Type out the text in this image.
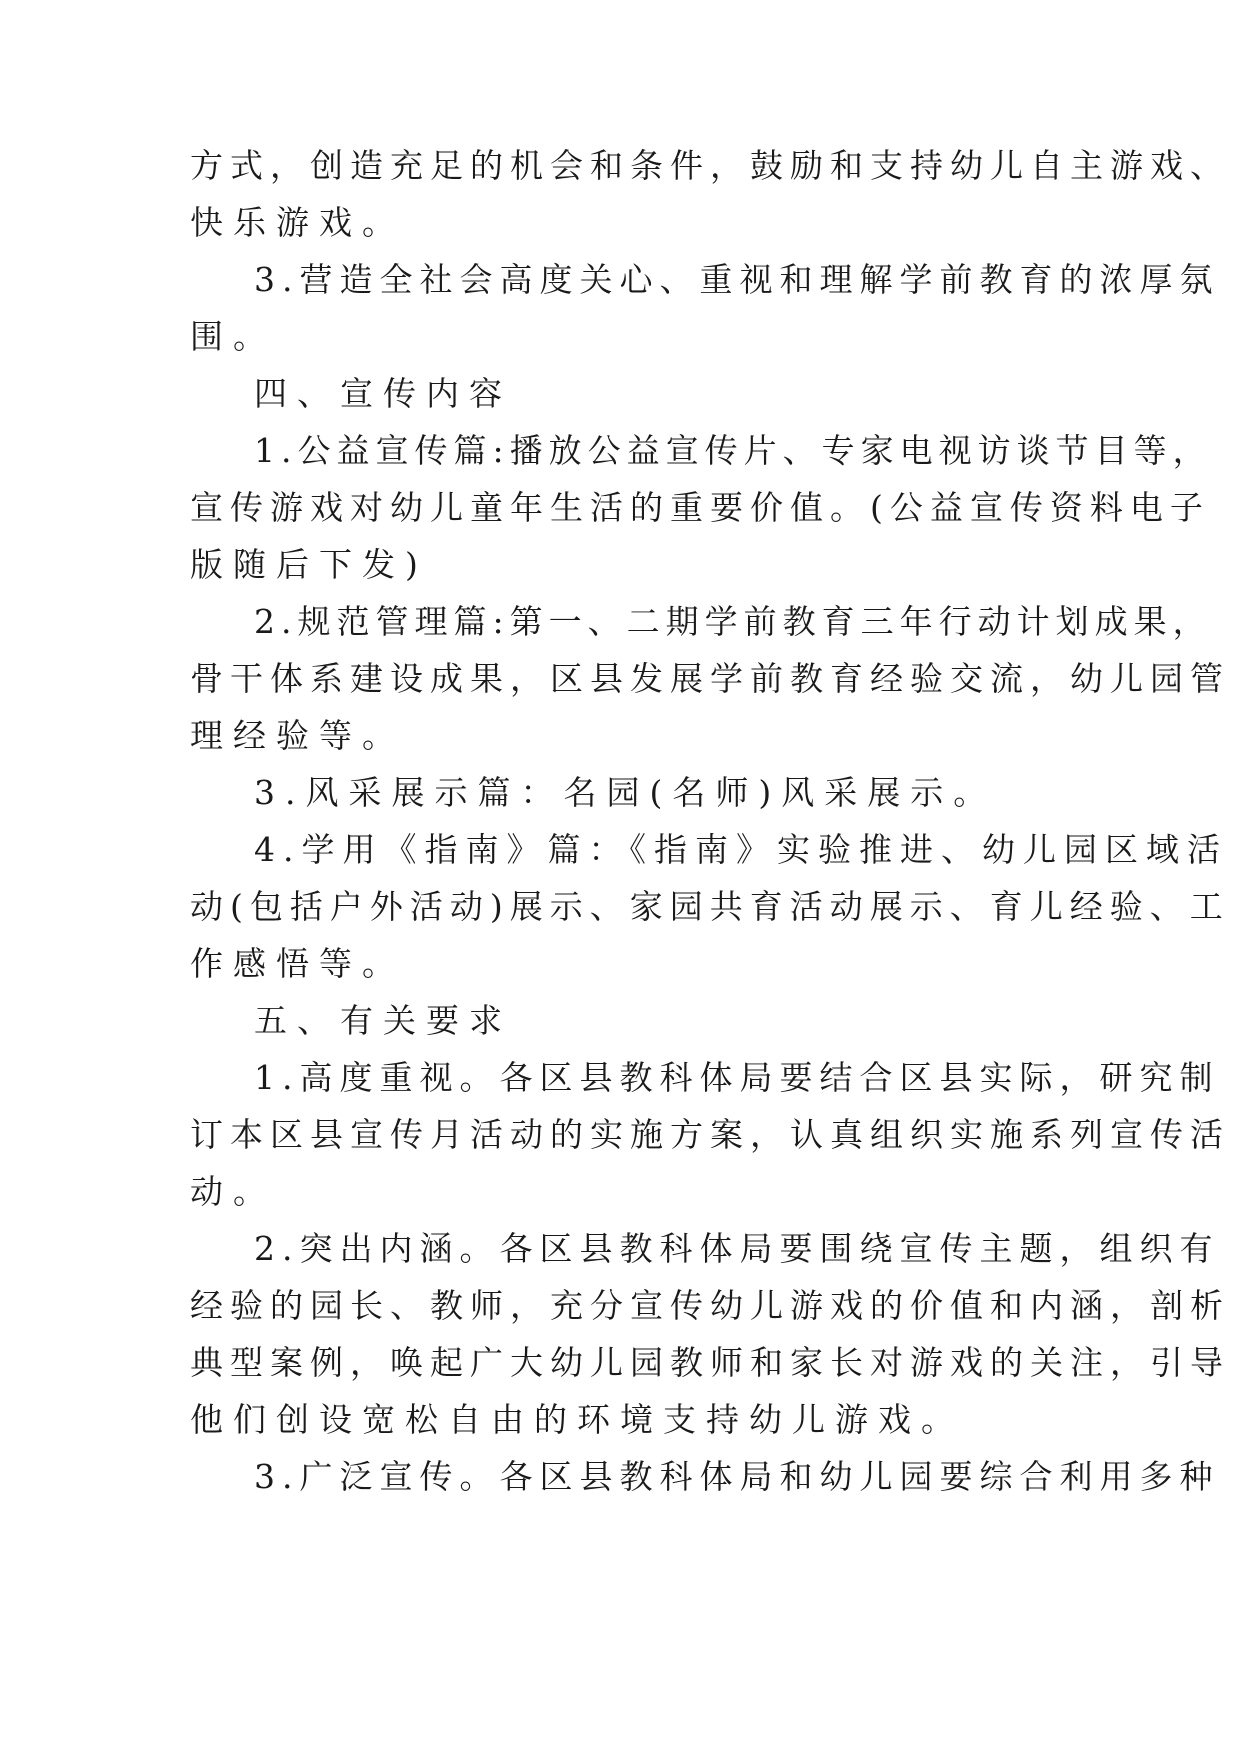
方式，创造充足的机会和条件，鼓励和支持幼儿自主游戏、
快乐游戏。
3.营造全社会高度关心、重视和理解学前教育的浓厚氛
围。
四、宣传内容
1.公益宣传篇:播放公益宣传片、专家电视访谈节目等，
宣传游戏对幼儿童年生活的重要价值。(公益宣传资料电子
版随后下发)
2.规范管理篇:第一、二期学前教育三年行动计划成果，
骨干体系建设成果，区县发展学前教育经验交流，幼儿园管
理经验等。
3.风采展示篇：名园(名师)风采展示。
4.学用《指南》篇：《指南》实验推进、幼儿园区域活
动(包括户外活动)展示、家园共育活动展示、育儿经验、工
作感悟等。
五、有关要求
1.高度重视。各区县教科体局要结合区县实际，研究制
订本区县宣传月活动的实施方案，认真组织实施系列宣传活
动。
2.突出内涵。各区县教科体局要围绕宣传主题，组织有
经验的园长、教师，充分宣传幼儿游戏的价值和内涵，剖析
典型案例，唤起广大幼儿园教师和家长对游戏的关注，引导
他们创设宽松自由的环境支持幼儿游戏。
3.广泛宣传。各区县教科体局和幼儿园要综合利用多种
